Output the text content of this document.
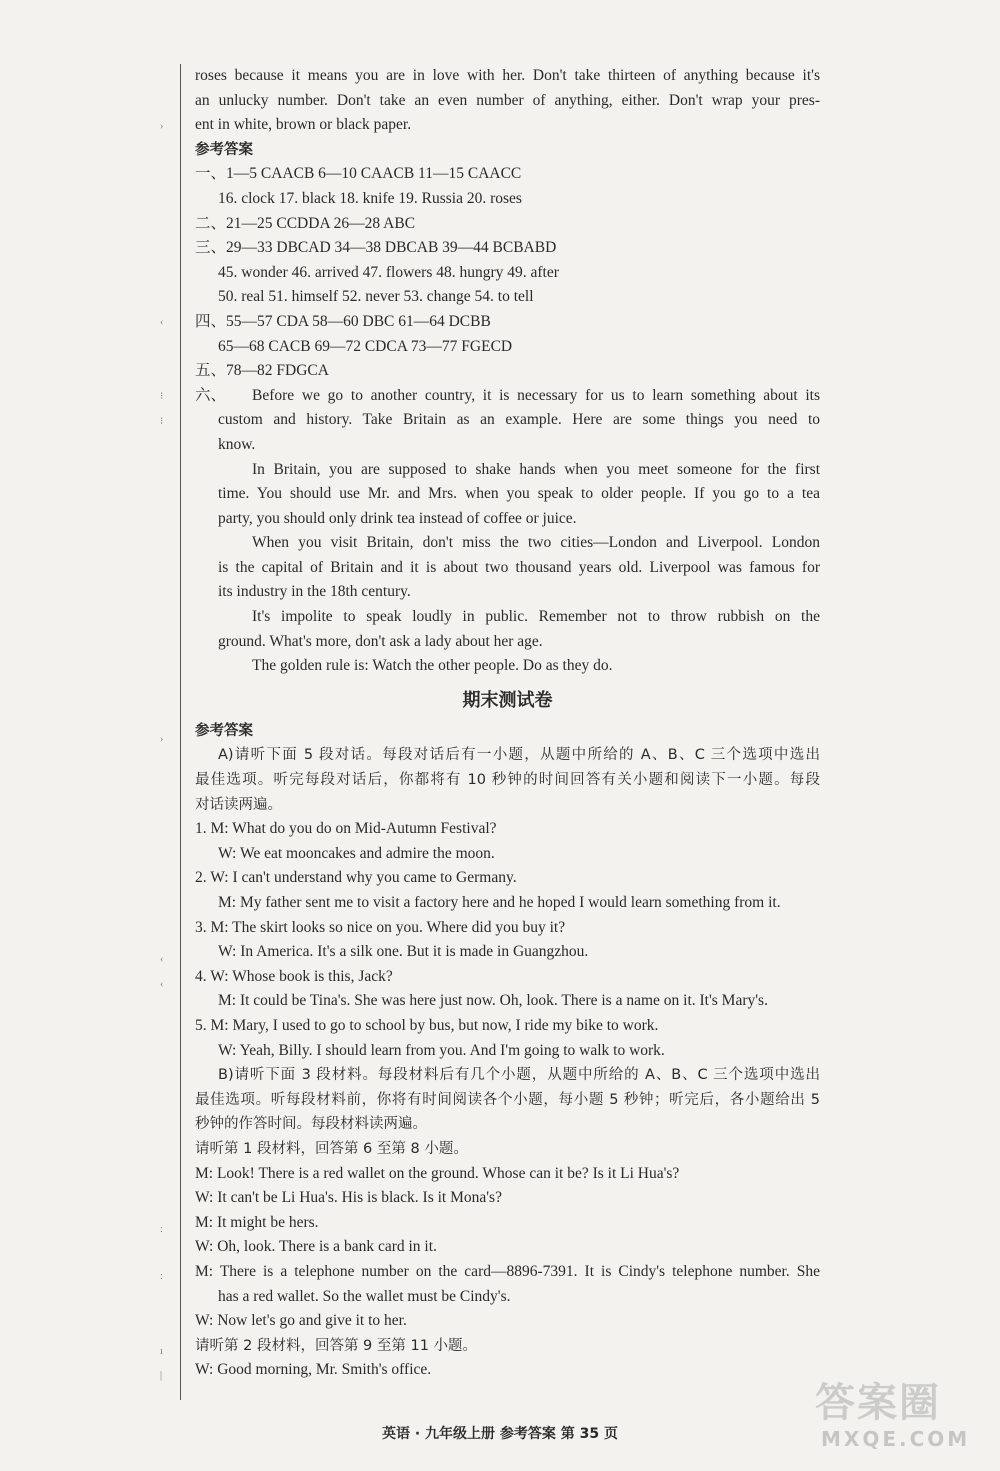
›
‹
⁝
⁝
›
‹
‹
:
:
ı
|
roses because it means you are in love with her. Don't take thirteen of anything because it's
an unlucky number. Don't take an even number of anything, either. Don't wrap your pres-
ent in white, brown or black paper.
参考答案
一、1—5 CAACB 6—10 CAACB 11—15 CAACC
16. clock 17. black 18. knife 19. Russia 20. roses
二、21—25 CCDDA 26—28 ABC
三、29—33 DBCAD 34—38 DBCAB 39—44 BCBABD
45. wonder 46. arrived 47. flowers 48. hungry 49. after
50. real 51. himself 52. never 53. change 54. to tell
四、55—57 CDA 58—60 DBC 61—64 DCBB
65—68 CACB 69—72 CDCA 73—77 FGECD
五、78—82 FDGCA
六、 Before we go to another country, it is necessary for us to learn something about its
custom and history. Take Britain as an example. Here are some things you need to
know.
In Britain, you are supposed to shake hands when you meet someone for the first
time. You should use Mr. and Mrs. when you speak to older people. If you go to a tea
party, you should only drink tea instead of coffee or juice.
When you visit Britain, don't miss the two cities—London and Liverpool. London
is the capital of Britain and it is about two thousand years old. Liverpool was famous for
its industry in the 18th century.
It's impolite to speak loudly in public. Remember not to throw rubbish on the
ground. What's more, don't ask a lady about her age.
The golden rule is: Watch the other people. Do as they do.
期末测试卷
参考答案
A)请听下面 5 段对话。每段对话后有一小题，从题中所给的 A、B、C 三个选项中选出
最佳选项。听完每段对话后，你都将有 10 秒钟的时间回答有关小题和阅读下一小题。每段
对话读两遍。
1. M: What do you do on Mid-Autumn Festival?
W: We eat mooncakes and admire the moon.
2. W: I can't understand why you came to Germany.
M: My father sent me to visit a factory here and he hoped I would learn something from it.
3. M: The skirt looks so nice on you. Where did you buy it?
W: In America. It's a silk one. But it is made in Guangzhou.
4. W: Whose book is this, Jack?
M: It could be Tina's. She was here just now. Oh, look. There is a name on it. It's Mary's.
5. M: Mary, I used to go to school by bus, but now, I ride my bike to work.
W: Yeah, Billy. I should learn from you. And I'm going to walk to work.
B)请听下面 3 段材料。每段材料后有几个小题，从题中所给的 A、B、C 三个选项中选出
最佳选项。听每段材料前，你将有时间阅读各个小题，每小题 5 秒钟；听完后，各小题给出 5
秒钟的作答时间。每段材料读两遍。
请听第 1 段材料，回答第 6 至第 8 小题。
M: Look! There is a red wallet on the ground. Whose can it be? Is it Li Hua's?
W: It can't be Li Hua's. His is black. Is it Mona's?
M: It might be hers.
W: Oh, look. There is a bank card in it.
M: There is a telephone number on the card—8896-7391. It is Cindy's telephone number. She
has a red wallet. So the wallet must be Cindy's.
W: Now let's go and give it to her.
请听第 2 段材料，回答第 9 至第 11 小题。
W: Good morning, Mr. Smith's office.
英语 · 九年级上册 参考答案 第 35 页
答案圈
MXQE.COM
